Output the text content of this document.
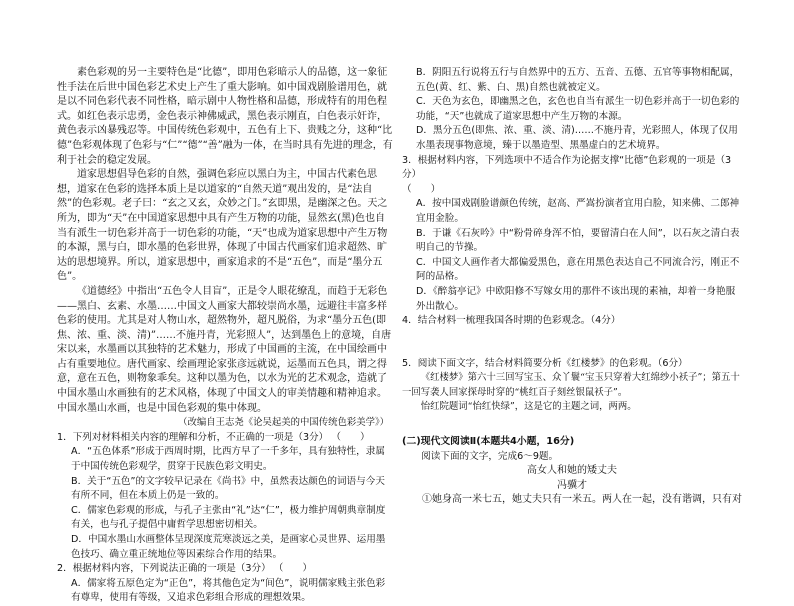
素色彩观的另一主要特色是“比德”，即用色彩暗示人的品德，这一象征性手法在后世中国色彩艺术史上产生了重大影响。如中国戏剧脸谱用色，就是以不同色彩代表不同性格，暗示剧中人物性格和品德，形成特有的用色程式。如红色表示忠勇，金色表示神佛威武，黑色表示刚直，白色表示奸诈，黄色表示凶暴残忍等。中国传统色彩观中，五色有上下、贵贱之分，这种“比德”色彩观体现了色彩与“仁”“德”“善”融为一体，在当时具有先进的理念，有利于社会的稳定发展。

道家思想倡导色彩的自然，强调色彩应以黑白为主，中国古代素色思想，道家在色彩的选择本质上是以道家的“自然天道”观出发的，是“法自然”的色彩观。老子曰：“玄之又玄，众妙之门。”玄即黑，是幽深之色。天之所为，即为“天”在中国道家思想中具有产生万物的功能，显然玄(黑)色也自当有派生一切色彩并高于一切色彩的功能，“天”也成为道家思想中产生万物的本源，黑与白，即水墨的色彩世界，体现了中国古代画家们追求超然、旷达的思想境界。所以，道家思想中，画家追求的不是“五色”，而是“墨分五色”。

《道德经》中指出“五色令人目盲”，正是令人眼花缭乱，而趋于无彩色——黑白、玄素、水墨……中国文人画家大都较崇尚水墨，远避往丰富多样色彩的使用。尤其是对人物山水，超然物外，超凡脱俗，为求“墨分五色(即焦、浓、重、淡、清)”……不施丹青，光彩照人”，达到墨色上的意境，自唐宋以来，水墨画以其独特的艺术魅力，形成了中国画的主流，在中国绘画中占有重要地位。唐代画家、绘画理论家张彦远就说，运墨而五色具，谓之得意，意在五色，则物象乖矣。这种以墨为色，以水为光的艺术观念，造就了中国水墨山水画独有的艺术风格，体现了中国文人的审美情趣和精神追求。中国水墨山水画，也是中国色彩观的集中体现。

（改编自王志尧《论吴起美的中国传统色彩美学》）

1．下列对材料相关内容的理解和分析，不正确的一项是（3分） （　　）

A．“五色体系”形成于西周时期，比西方早了一千多年，具有独特性，隶属于中国传统色彩观学，贯穿于民族色彩文明史。

B．关于“五色”的文字较早记录在《尚书》中，虽然表达颜色的词语与今天有所不同，但在本质上仍是一致的。

C．儒家色彩观的形成，与孔子主张由“礼”达“仁”，极力维护周朝典章制度有关，也与孔子提倡中庸哲学思想密切相关。

D．中国水墨山水画整体呈现深度荒寒淡远之美，是画家心灵世界、运用墨色技巧、确立重正统地位等因素综合作用的结果。

2．根据材料内容，下列说法正确的一项是（3分） （　　）

A．儒家将五原色定为“正色”，将其他色定为“间色”，说明儒家贱主张色彩有尊卑，使用有等级，又追求色彩组合形成的理想效果。

B．阴阳五行说将五行与自然界中的五方、五音、五德、五官等事物相配属，五色(黄、红、紫、白、黑)自然也就被定义。

C．天色为玄色，即幽黑之色，玄色也自当有派生一切色彩并高于一切色彩的功能，“天”也就成了道家思想中产生万物的本源。

D．黑分五色(即焦、浓、重、淡、清)……不施丹青，光彩照人，体现了仅用水墨表现事物意境，臻于以墨造型、黑墨虚白的艺术境界。

3．根据材料内容，下列选项中不适合作为论据支撑“比德”色彩观的一项是（3分）

（　　）

A．按中国戏剧脸谱颜色传统，赵高、严嵩扮演者宜用白脸，知来佛、二郎神宜用金脸。

B．于谦《石灰吟》中“粉骨碎身浑不怕，要留清白在人间”，以石灰之清白表明自己的节操。

C．中国文人画作者大都偏爱黑色，意在用黑色表达自己不同流合污，刚正不阿的品格。

D．《醉翁亭记》中欧阳修不写嫁女用的那件不该出现的素袖，却着一身艳服外出散心。

4．结合材料一梳理我国各时期的色彩观念。（4分）

5．阅读下面文字，结合材料简要分析《红楼梦》的色彩观。（6分）

《红楼梦》第六十三回写宝玉、众丫鬟“宝玉只穿着大红绵纱小袄子”；第五十一回写袭人回家探母时穿的“桃红百子刻丝银鼠袄子”。

怡红院题词“怡红快绿”，这是它的主题之词，两两。

(二)现代文阅读Ⅱ(本题共4小题，16分)

阅读下面的文字，完成6～9题。

高女人和她的矮丈夫

冯骥才

①她身高一米七五，她丈夫只有一米五。两人在一起，没有谐调，只有对
